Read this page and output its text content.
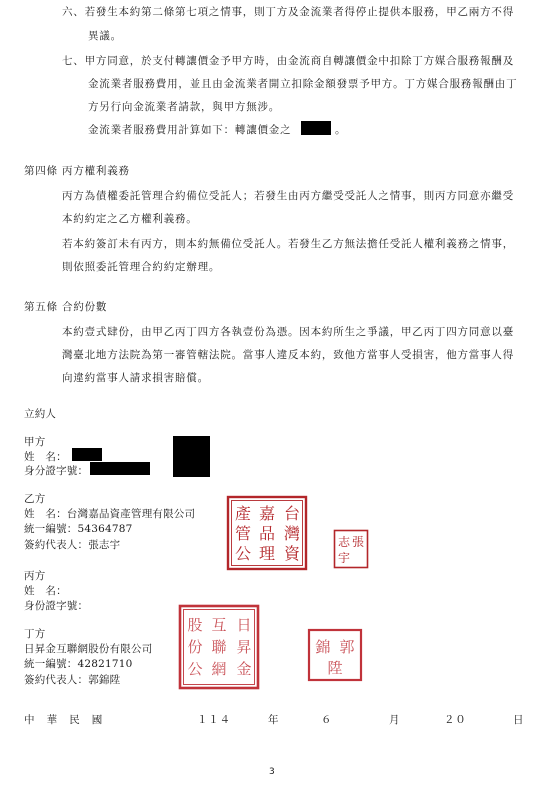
六、若發生本約第二條第七項之情事，則丁方及金流業者得停止提供本服務，甲乙兩方不得
異議。
七、甲方同意，於支付轉讓價金予甲方時，由金流商自轉讓價金中扣除丁方媒合服務報酬及
金流業者服務費用，並且由金流業者開立扣除金額發票予甲方。丁方媒合服務報酬由丁
方另行向金流業者請款，與甲方無涉。
金流業者服務費用計算如下：轉讓價金之	。
第四條 丙方權利義務
丙方為債權委託管理合約備位受託人；若發生由丙方繼受受託人之情事，則丙方同意亦繼受
本約約定之乙方權利義務。
若本約簽訂未有丙方，則本約無備位受託人。若發生乙方無法擔任受託人權利義務之情事，
則依照委託管理合約約定辦理。
第五條 合約份數
本約壹式肆份，由甲乙丙丁四方各執壹份為憑。因本約所生之爭議，甲乙丙丁四方同意以臺
灣臺北地方法院為第一審管轄法院。當事人違反本約，致他方當事人受損害，他方當事人得
向違約當事人請求損害賠償。
立約人
甲方
姓　名：
身分證字號：
乙方
姓　名：台灣嘉品資產管理有限公司
統一編號：54364787
簽約代表人：張志宇
台
灣
資
嘉
品
理
產
管
公
張
志
宇
丙方
姓　名：
身份證字號：
丁方
日昇金互聯網股份有限公司
統一編號：42821710
簽約代表人：郭錦陞
日
昇
金
互
聯
網
股
份
公
郭
錦
陞
中　華　民　國	１１４	年	６	月	２０	日
3
